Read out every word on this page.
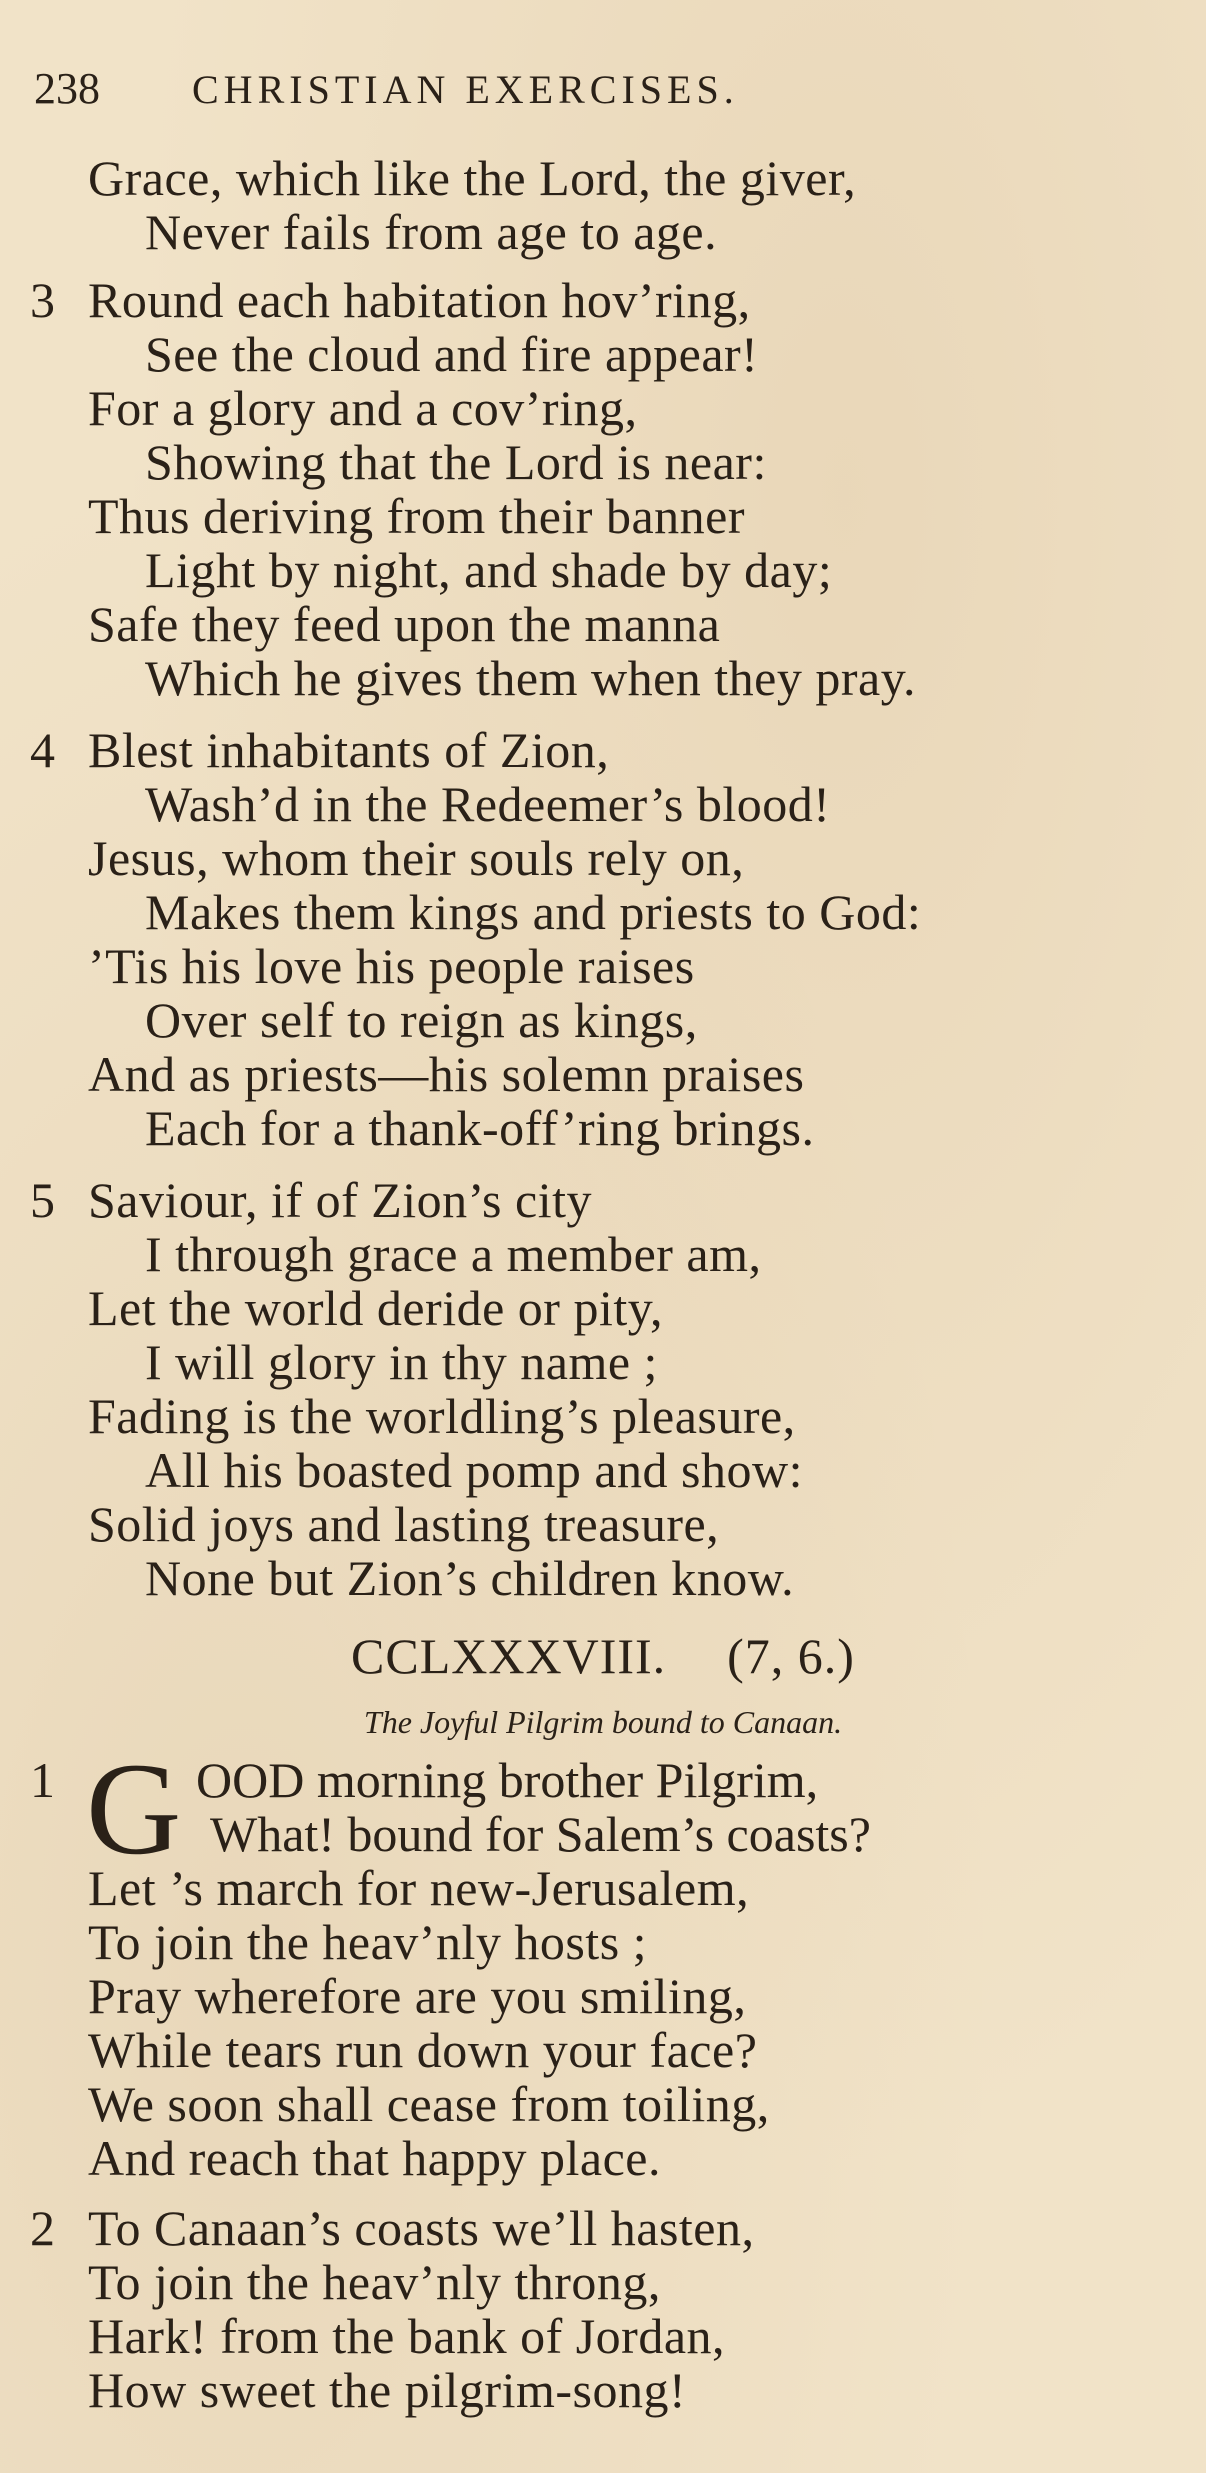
238 CHRISTIAN EXERCISES.
Grace, which like the Lord, the giver,
Never fails from age to age.
3 Round each habitation hov’ring,
See the cloud and fire appear!
For a glory and a cov’ring,
Showing that the Lord is near:
Thus deriving from their banner
Light by night, and shade by day;
Safe they feed upon the manna
Which he gives them when they pray.
4 Blest inhabitants of Zion,
Wash’d in the Redeemer’s blood!
Jesus, whom their souls rely on,
Makes them kings and priests to God:
’Tis his love his people raises
Over self to reign as kings,
And as priests—his solemn praises
Each for a thank-off’ring brings.
5 Saviour, if of Zion’s city
I through grace a member am,
Let the world deride or pity,
I will glory in thy name ;
Fading is the worldling’s pleasure,
All his boasted pomp and show:
Solid joys and lasting treasure,
None but Zion’s children know.
CCLXXXVIII. (7, 6.)
The Joyful Pilgrim bound to Canaan.
1 G OOD morning brother Pilgrim,
What! bound for Salem’s coasts?
Let ’s march for new-Jerusalem,
To join the heav’nly hosts ;
Pray wherefore are you smiling,
While tears run down your face?
We soon shall cease from toiling,
And reach that happy place.
2 To Canaan’s coasts we’ll hasten,
To join the heav’nly throng,
Hark! from the bank of Jordan,
How sweet the pilgrim-song!
